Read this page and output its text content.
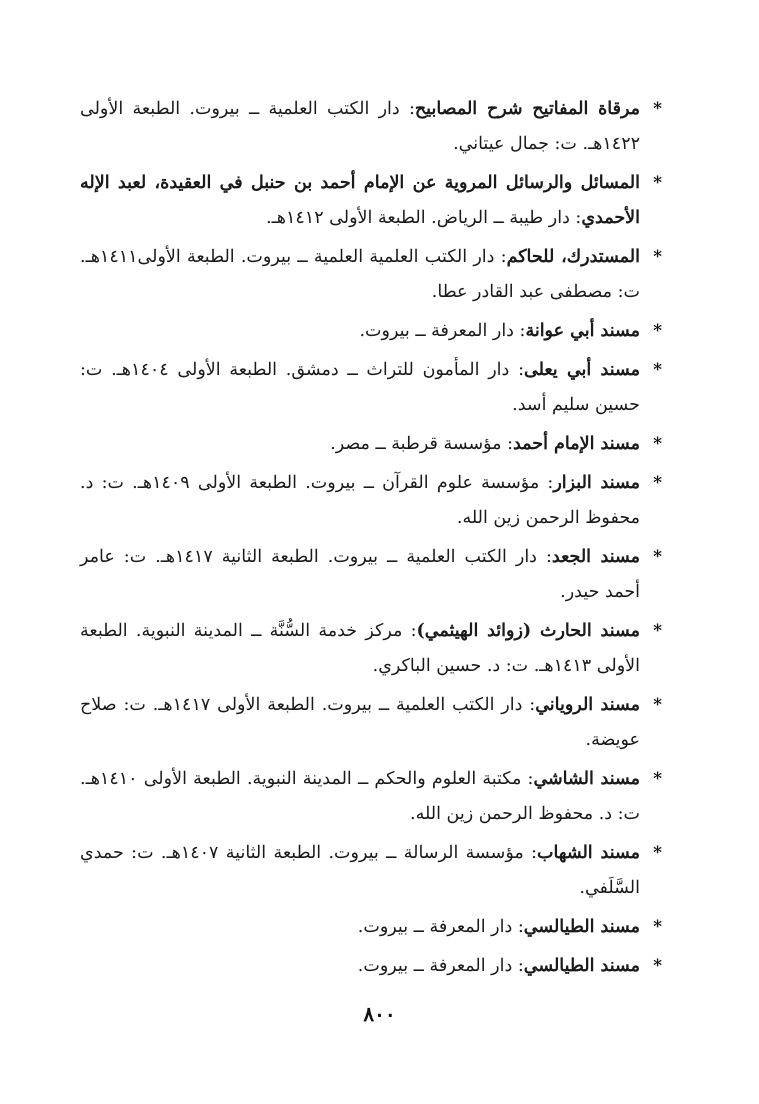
*
مرقاة المفاتيح شرح المصابيح: دار الكتب العلمية ــ بيروت. الطبعة الأولى ١٤٢٢هـ. ت: جمال عيتاني.
*
المسائل والرسائل المروية عن الإمام أحمد بن حنبل في العقيدة، لعبد الإله الأحمدي: دار طيبة ــ الرياض. الطبعة الأولى ١٤١٢هـ.
*
المستدرك، للحاكم: دار الكتب العلمية العلمية ــ بيروت. الطبعة الأولى١٤١١هـ. ت: مصطفى عبد القادر عطا.
*
مسند أبي عوانة: دار المعرفة ــ بيروت.
*
مسند أبي يعلى: دار المأمون للتراث ــ دمشق. الطبعة الأولى ١٤٠٤هـ. ت: حسين سليم أسد.
*
مسند الإمام أحمد: مؤسسة قرطبة ــ مصر.
*
مسند البزار: مؤسسة علوم القرآن ــ بيروت. الطبعة الأولى ١٤٠٩هـ. ت: د. محفوظ الرحمن زين الله.
*
مسند الجعد: دار الكتب العلمية ــ بيروت. الطبعة الثانية ١٤١٧هـ. ت: عامر أحمد حيدر.
*
مسند الحارث (زوائد الهيثمي): مركز خدمة السُّنَّة ــ المدينة النبوية. الطبعة الأولى ١٤١٣هـ. ت: د. حسين الباكري.
*
مسند الروياني: دار الكتب العلمية ــ بيروت. الطبعة الأولى ١٤١٧هـ. ت: صلاح عويضة.
*
مسند الشاشي: مكتبة العلوم والحكم ــ المدينة النبوية. الطبعة الأولى ١٤١٠هـ. ت: د. محفوظ الرحمن زين الله.
*
مسند الشهاب: مؤسسة الرسالة ــ بيروت. الطبعة الثانية ١٤٠٧هـ. ت: حمدي السَّلَفي.
*
مسند الطيالسي: دار المعرفة ــ بيروت.
*
مسند الطيالسي: دار المعرفة ــ بيروت.
٨٠٠
